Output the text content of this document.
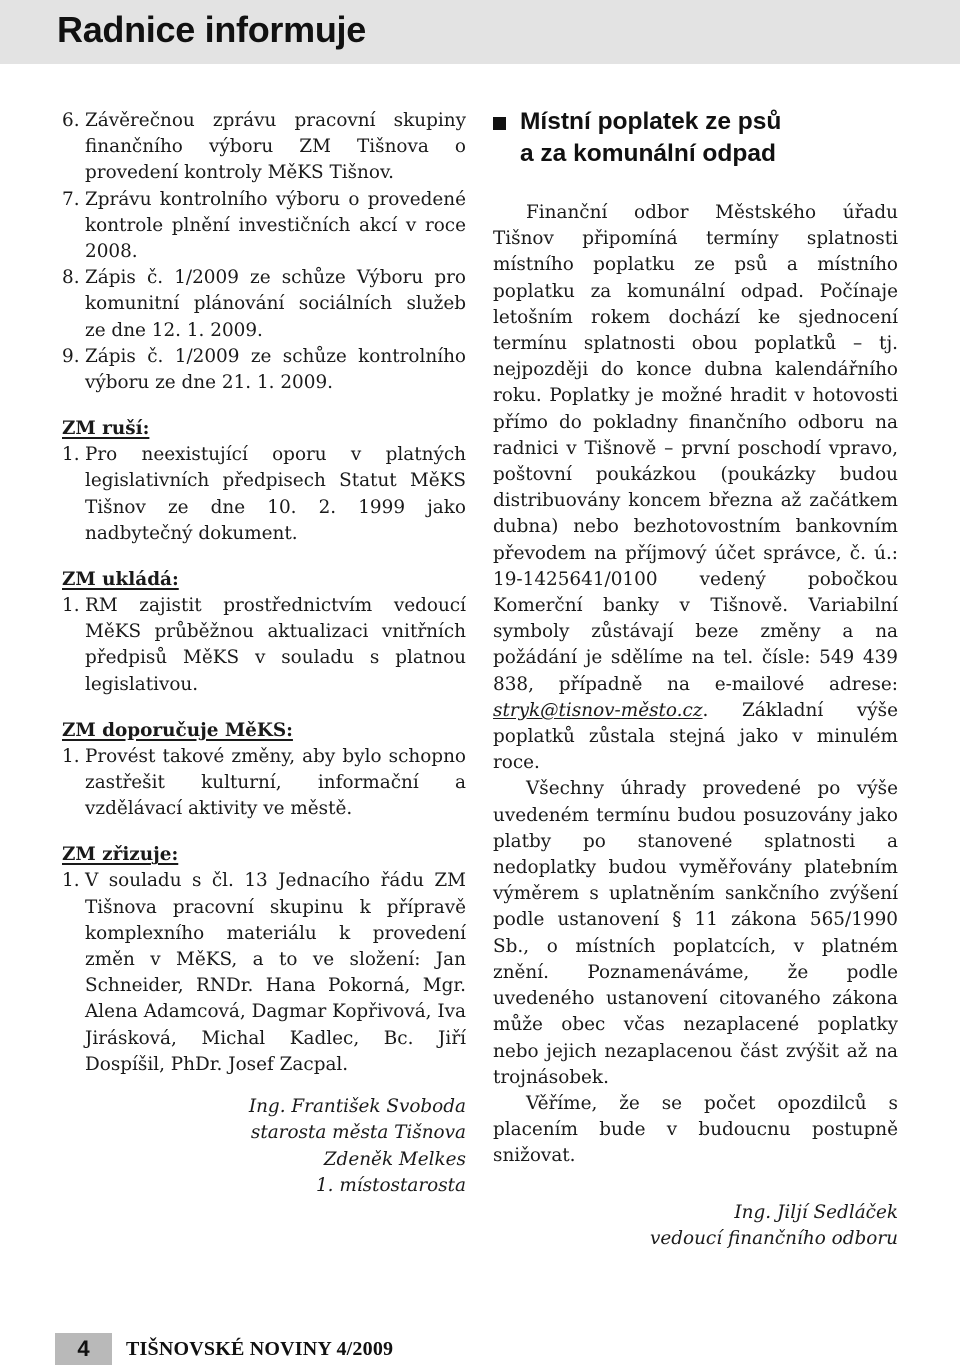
Radnice informuje
6. Závěrečnou zprávu pracovní skupiny finančního výboru ZM Tišnova o provedení kontroly MěKS Tišnov.
7. Zprávu kontrolního výboru o provedené kontrole plnění investičních akcí v roce 2008.
8. Zápis č. 1/2009 ze schůze Výboru pro komunitní plánování sociálních služeb ze dne 12. 1. 2009.
9. Zápis č. 1/2009 ze schůze kontrolního výboru ze dne 21. 1. 2009.
ZM ruší:
1. Pro neexistující oporu v platných legislativních předpisech Statut MěKS Tišnov ze dne 10. 2. 1999 jako nadbytečný dokument.
ZM ukládá:
1. RM zajistit prostřednictvím vedoucí MěKS průběžnou aktualizaci vnitřních předpisů MěKS v souladu s platnou legislativou.
ZM doporučuje MěKS:
1. Provést takové změny, aby bylo schopno zastřešit kulturní, informační a vzdělávací aktivity ve městě.
ZM zřizuje:
1. V souladu s čl. 13 Jednacího řádu ZM Tišnova pracovní skupinu k přípravě komplexního materiálu k provedení změn v MěKS, a to ve složení: Jan Schneider, RNDr. Hana Pokorná, Mgr. Alena Adamcová, Dagmar Kopřivová, Iva Jirásková, Michal Kadlec, Bc. Jiří Dospíšil, PhDr. Josef Zacpal.
Ing. František Svoboda
starosta města Tišnova
Zdeněk Melkes
1. místostarosta
Místní poplatek ze psů
a za komunální odpad

Finanční odbor Městského úřadu Tišnov připomíná termíny splatnosti místního poplatku ze psů a místního poplatku za komunální odpad. Počínaje letošním rokem dochází ke sjednocení termínu splatnosti obou poplatků – tj. nejpozději do konce dubna kalendářního roku. Poplatky je možné hradit v hotovosti přímo do pokladny finančního odboru na radnici v Tišnově – první poschodí vpravo, poštovní poukázkou (poukázky budou distribuovány koncem března až začátkem dubna) nebo bezhotovostním bankovním převodem na příjmový účet správce, č. ú.: 19-1425641/0100 vedený pobočkou Komerční banky v Tišnově. Variabilní symboly zůstávají beze změny a na požádání je sdělíme na tel. čísle: 549 439 838, případně na e-mailové adrese: stryk@tisnov-město.cz. Základní výše poplatků zůstala stejná jako v minulém roce.

Všechny úhrady provedené po výše uvedeném termínu budou posuzovány jako platby po stanovené splatnosti a nedoplatky budou vyměřovány platebním výměrem s uplatněním sankčního zvýšení podle ustanovení § 11 zákona 565/1990 Sb., o místních poplatcích, v platném znění. Poznamenáváme, že podle uvedeného ustanovení citovaného zákona může obec včas nezaplacené poplatky nebo jejich nezaplacenou část zvýšit až na trojnásobek.

Věříme, že se počet opozdilců s placením bude v budoucnu postupně snižovat.

Ing. Jiljí Sedláček
vedoucí finančního odboru
4	TIŠNOVSKÉ NOVINY 4/2009
